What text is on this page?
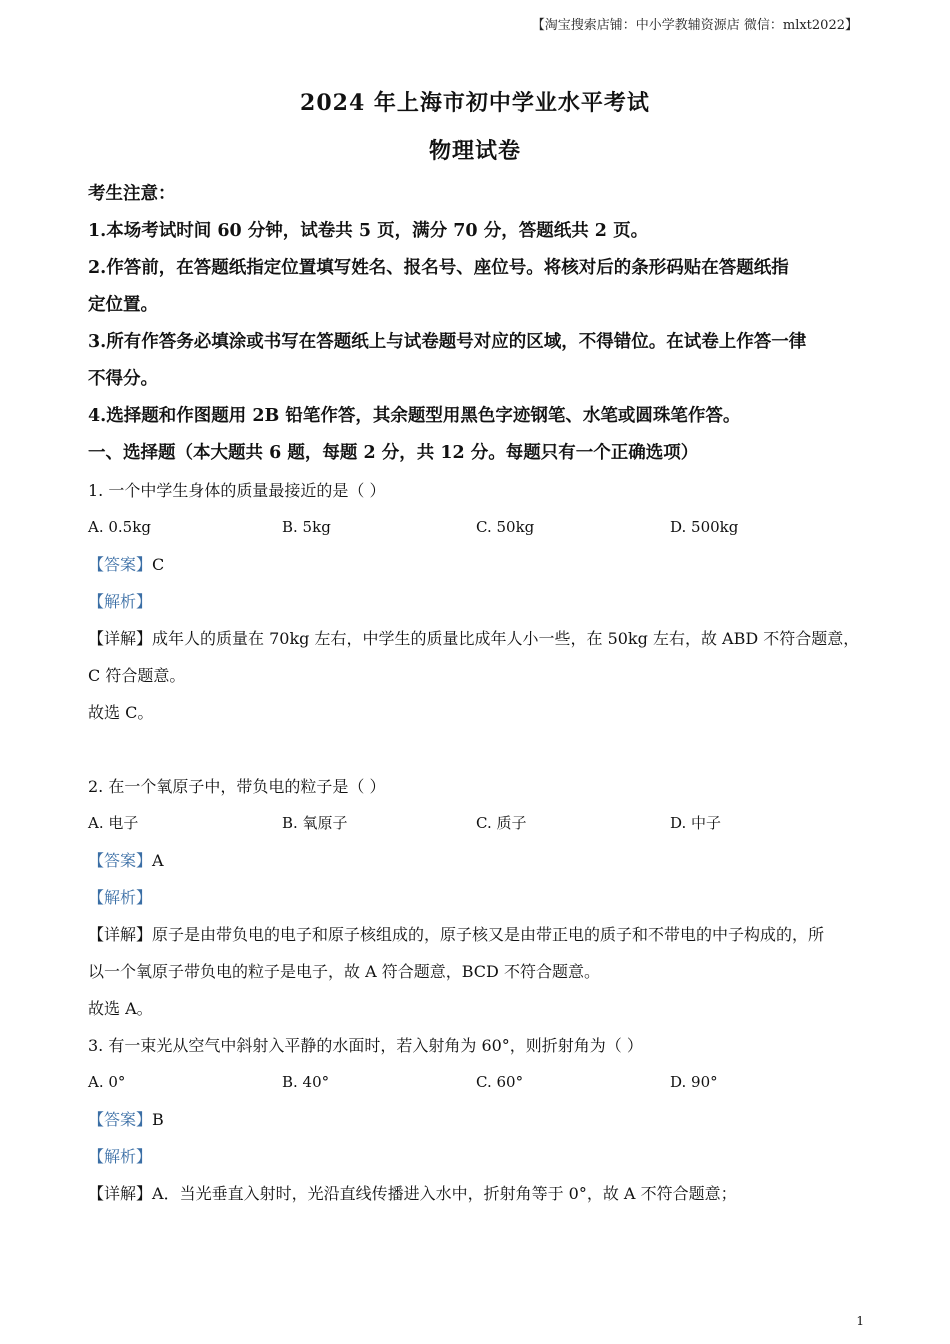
【淘宝搜索店铺：中小学教辅资源店 微信：mlxt2022】
2024 年上海市初中学业水平考试
物理试卷
考生注意：
1.本场考试时间 60 分钟，试卷共 5 页，满分 70 分，答题纸共 2 页。
2.作答前，在答题纸指定位置填写姓名、报名号、座位号。将核对后的条形码贴在答题纸指
定位置。
3.所有作答务必填涂或书写在答题纸上与试卷题号对应的区域，不得错位。在试卷上作答一律
不得分。
4.选择题和作图题用 2B 铅笔作答，其余题型用黑色字迹钢笔、水笔或圆珠笔作答。
一、选择题（本大题共 6 题，每题 2 分，共 12 分。每题只有一个正确选项）
1. 一个中学生身体的质量最接近的是（ ）
A. 0.5kg	B. 5kg	C. 50kg	D. 500kg
【答案】C
【解析】
【详解】成年人的质量在 70kg 左右，中学生的质量比成年人小一些，在 50kg 左右，故 ABD 不符合题意，
C 符合题意。
故选 C。
2. 在一个氧原子中，带负电的粒子是（ ）
A. 电子	B. 氧原子	C. 质子	D. 中子
【答案】A
【解析】
【详解】原子是由带负电的电子和原子核组成的，原子核又是由带正电的质子和不带电的中子构成的，所
以一个氧原子带负电的粒子是电子，故 A 符合题意，BCD 不符合题意。
故选 A。
3. 有一束光从空气中斜射入平静的水面时，若入射角为 60°，则折射角为（ ）
A. 0°	B. 40°	C. 60°	D. 90°
【答案】B
【解析】
【详解】A．当光垂直入射时，光沿直线传播进入水中，折射角等于 0°，故 A 不符合题意；
1
